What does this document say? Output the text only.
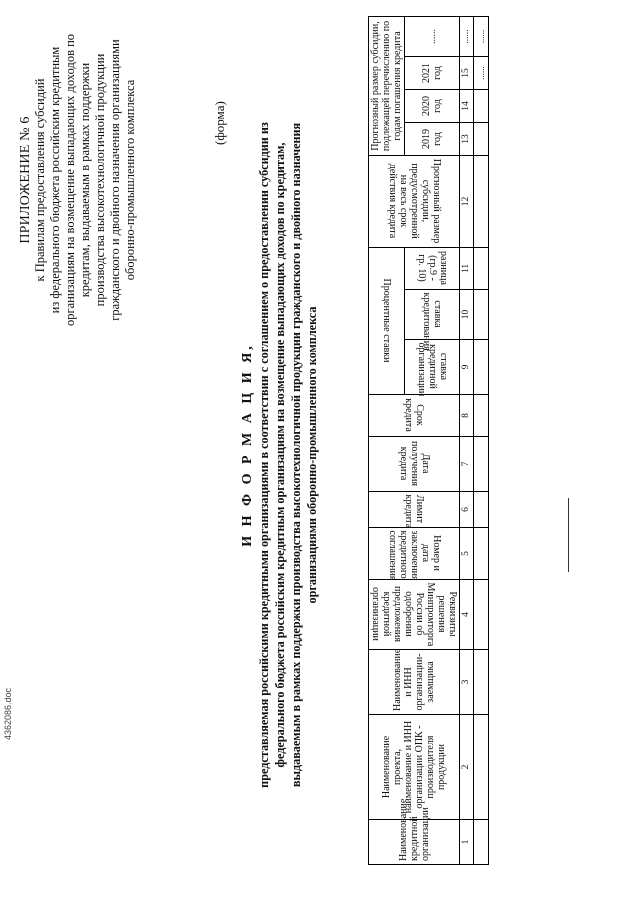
ПРИЛОЖЕНИЕ № 6 к Правилам предоставления субсидий из федерального бюджета российским кредитным организациям на возмещение выпадающих доходов по кредитам, выдаваемым в рамках поддержки производства высокотехнологичной продукции гражданского и двойного назначения организациями оборонно-промышленного комплекса	(форма)
И Н Ф О Р М А Ц И Я, представляемая российскими кредитными организациями в соответствии с соглашением о предоставлении субсидии из федерального бюджета российским кредитным организациям на возмещение выпадающих доходов по кредитам, выдаваемым в рамках поддержки производства высокотехнологичной продукции гражданского и двойного назначения организациями оборонно-промышленного комплекса
Наименование кредитной организации	Наименование проекта, наименование и ИНН организации ОПК - производителя продукции	Наименование и ИНН организации-заемщика	Реквизиты решения Минпромторга России об одобрении предложения кредитной организации	Номер и дата заключения кредитного соглашения	Лимит кредита	Дата получения кредита	Срок кредита	Процентные ставки			Прогнозный размер субсидии, предусмотренной на весь срок действия кредита	Прогнозный размер субсидии, подлежащей перечислению по годам погашения кредита			
								ставка кредитной организации	ставка кредитования	разница (гр.9 - гр. 10)		2019 год	2020 год	2021 год	......

1	2	3	4	5	6	7	8	9	10	11	12	13	14	15	......
														......	......
4362086.doc
